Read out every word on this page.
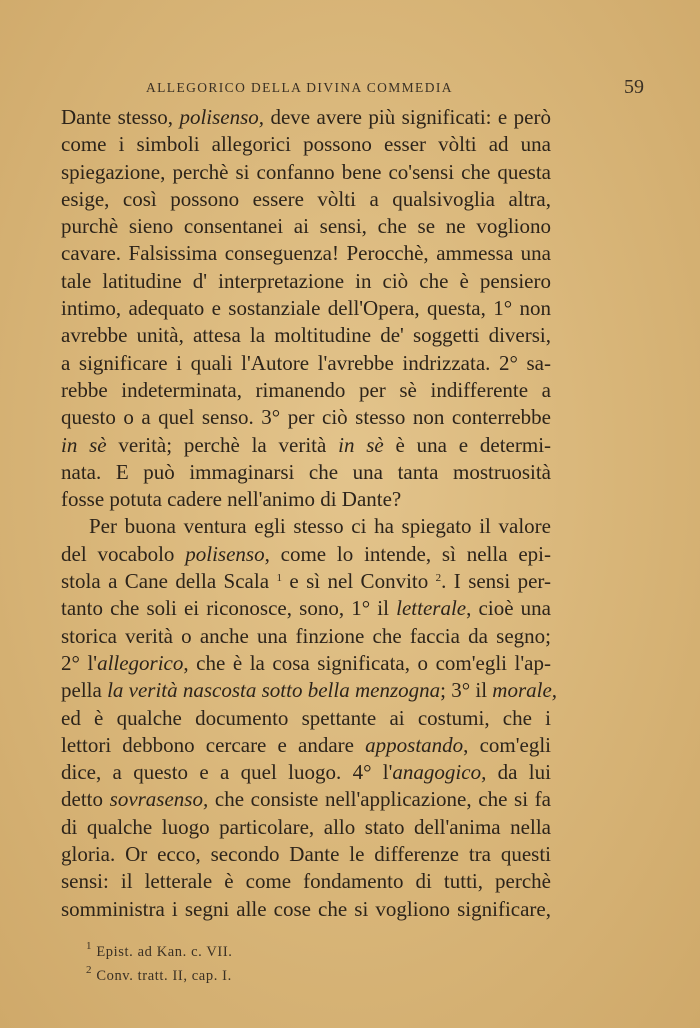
ALLEGORICO DELLA DIVINA COMMEDIA	59
Dante stesso, polisenso, deve avere più significati: e però
come i simboli allegorici possono esser vòlti ad una
spiegazione, perchè si confanno bene co'sensi che questa
esige, così possono essere vòlti a qualsivoglia altra,
purchè sieno consentanei ai sensi, che se ne vogliono
cavare. Falsissima conseguenza! Perocchè, ammessa una
tale latitudine d' interpretazione in ciò che è pensiero
intimo, adequato e sostanziale dell'Opera, questa, 1° non
avrebbe unità, attesa la moltitudine de' soggetti diversi,
a significare i quali l'Autore l'avrebbe indrizzata. 2° sa-
rebbe indeterminata, rimanendo per sè indifferente a
questo o a quel senso. 3° per ciò stesso non conterrebbe
in sè verità; perchè la verità in sè è una e determi-
nata. E può immaginarsi che una tanta mostruosità
fosse potuta cadere nell'animo di Dante?
Per buona ventura egli stesso ci ha spiegato il valore
del vocabolo polisenso, come lo intende, sì nella epi-
stola a Cane della Scala $^1$ e sì nel Convito $^2$. I sensi per-
tanto che soli ei riconosce, sono, 1° il letterale, cioè una
storica verità o anche una finzione che faccia da segno;
2° l'allegorico, che è la cosa significata, o com'egli l'ap-
pella la verità nascosta sotto bella menzogna; 3° il morale,
ed è qualche documento spettante ai costumi, che i
lettori debbono cercare e andare appostando, com'egli
dice, a questo e a quel luogo. 4° l'anagogico, da lui
detto sovrasenso, che consiste nell'applicazione, che si fa
di qualche luogo particolare, allo stato dell'anima nella
gloria. Or ecco, secondo Dante le differenze tra questi
sensi: il letterale è come fondamento di tutti, perchè
somministra i segni alle cose che si vogliono significare,
$^1$ Epist. ad Kan. c. VII.
$^2$ Conv. tratt. II, cap. I.
